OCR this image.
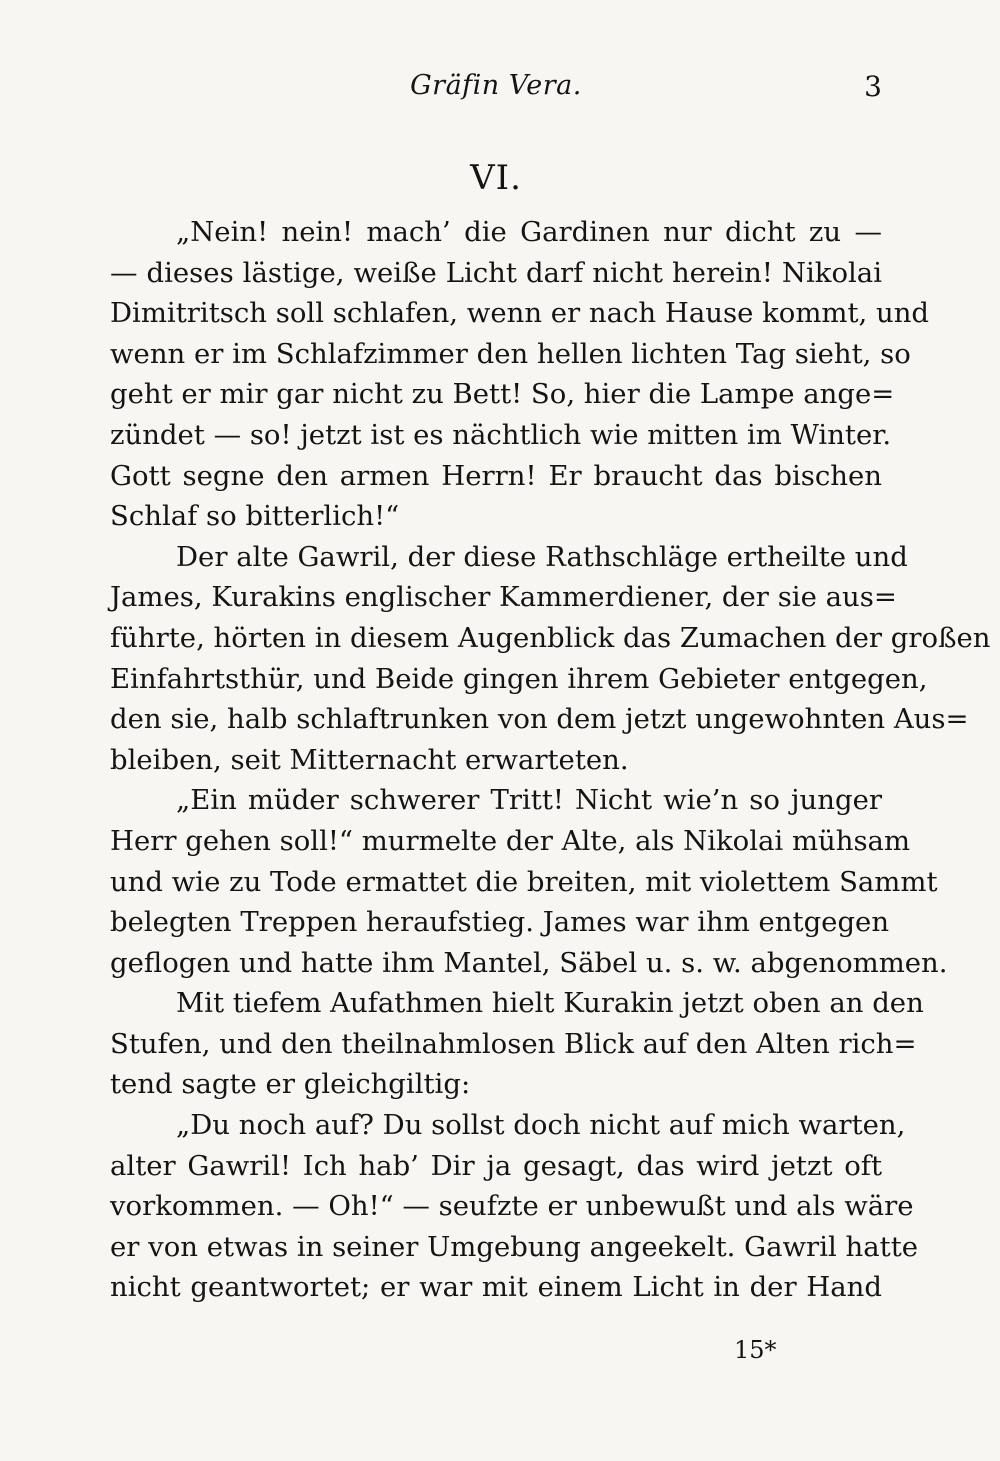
Gräfin Vera.	3
VI.

„Nein! nein! mach’ die Gardinen nur dicht zu —
— dieses lästige, weiße Licht darf nicht herein! Nikolai
Dimitritsch soll schlafen, wenn er nach Hause kommt, und
wenn er im Schlafzimmer den hellen lichten Tag sieht, so
geht er mir gar nicht zu Bett! So, hier die Lampe ange=
zündet — so! jetzt ist es nächtlich wie mitten im Winter.
Gott segne den armen Herrn! Er braucht das bischen
Schlaf so bitterlich!“

Der alte Gawril, der diese Rathschläge ertheilte und
James, Kurakins englischer Kammerdiener, der sie aus=
führte, hörten in diesem Augenblick das Zumachen der großen
Einfahrtsthür, und Beide gingen ihrem Gebieter entgegen,
den sie, halb schlaftrunken von dem jetzt ungewohnten Aus=
bleiben, seit Mitternacht erwarteten.

„Ein müder schwerer Tritt! Nicht wie’n so junger
Herr gehen soll!“ murmelte der Alte, als Nikolai mühsam
und wie zu Tode ermattet die breiten, mit violettem Sammt
belegten Treppen heraufstieg. James war ihm entgegen
geflogen und hatte ihm Mantel, Säbel u. s. w. abgenommen.

Mit tiefem Aufathmen hielt Kurakin jetzt oben an den
Stufen, und den theilnahmlosen Blick auf den Alten rich=
tend sagte er gleichgiltig:

„Du noch auf? Du sollst doch nicht auf mich warten,
alter Gawril! Ich hab’ Dir ja gesagt, das wird jetzt oft
vorkommen. — Oh!“ — seufzte er unbewußt und als wäre
er von etwas in seiner Umgebung angeekelt. Gawril hatte
nicht geantwortet; er war mit einem Licht in der Hand

15*
